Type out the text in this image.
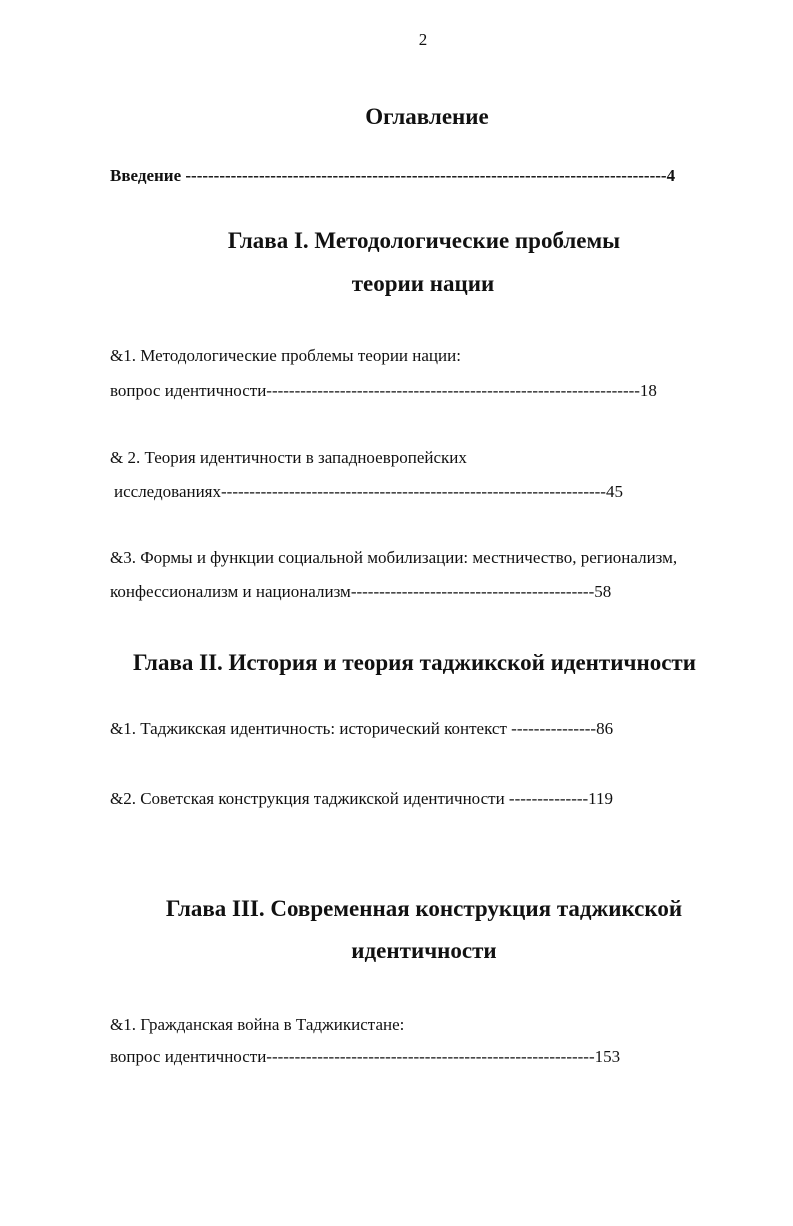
2
Оглавление
Введение -------------------------------------------------------------------------------------4
Глава I. Методологические проблемы
теории нации
&1. Методологические проблемы теории нации:
вопрос идентичности------------------------------------------------------------------18
& 2. Теория идентичности в западноевропейских
исследованиях--------------------------------------------------------------------45
&3. Формы и функции социальной мобилизации: местничество, регионализм,
конфессионализм и национализм-------------------------------------------58
Глава II. История и теория таджикской идентичности
&1. Таджикская идентичность: исторический контекст ---------------86
&2. Советская конструкция таджикской идентичности --------------119
Глава III. Современная конструкция таджикской
идентичности
&1. Гражданская война в Таджикистане:
вопрос идентичности----------------------------------------------------------153
